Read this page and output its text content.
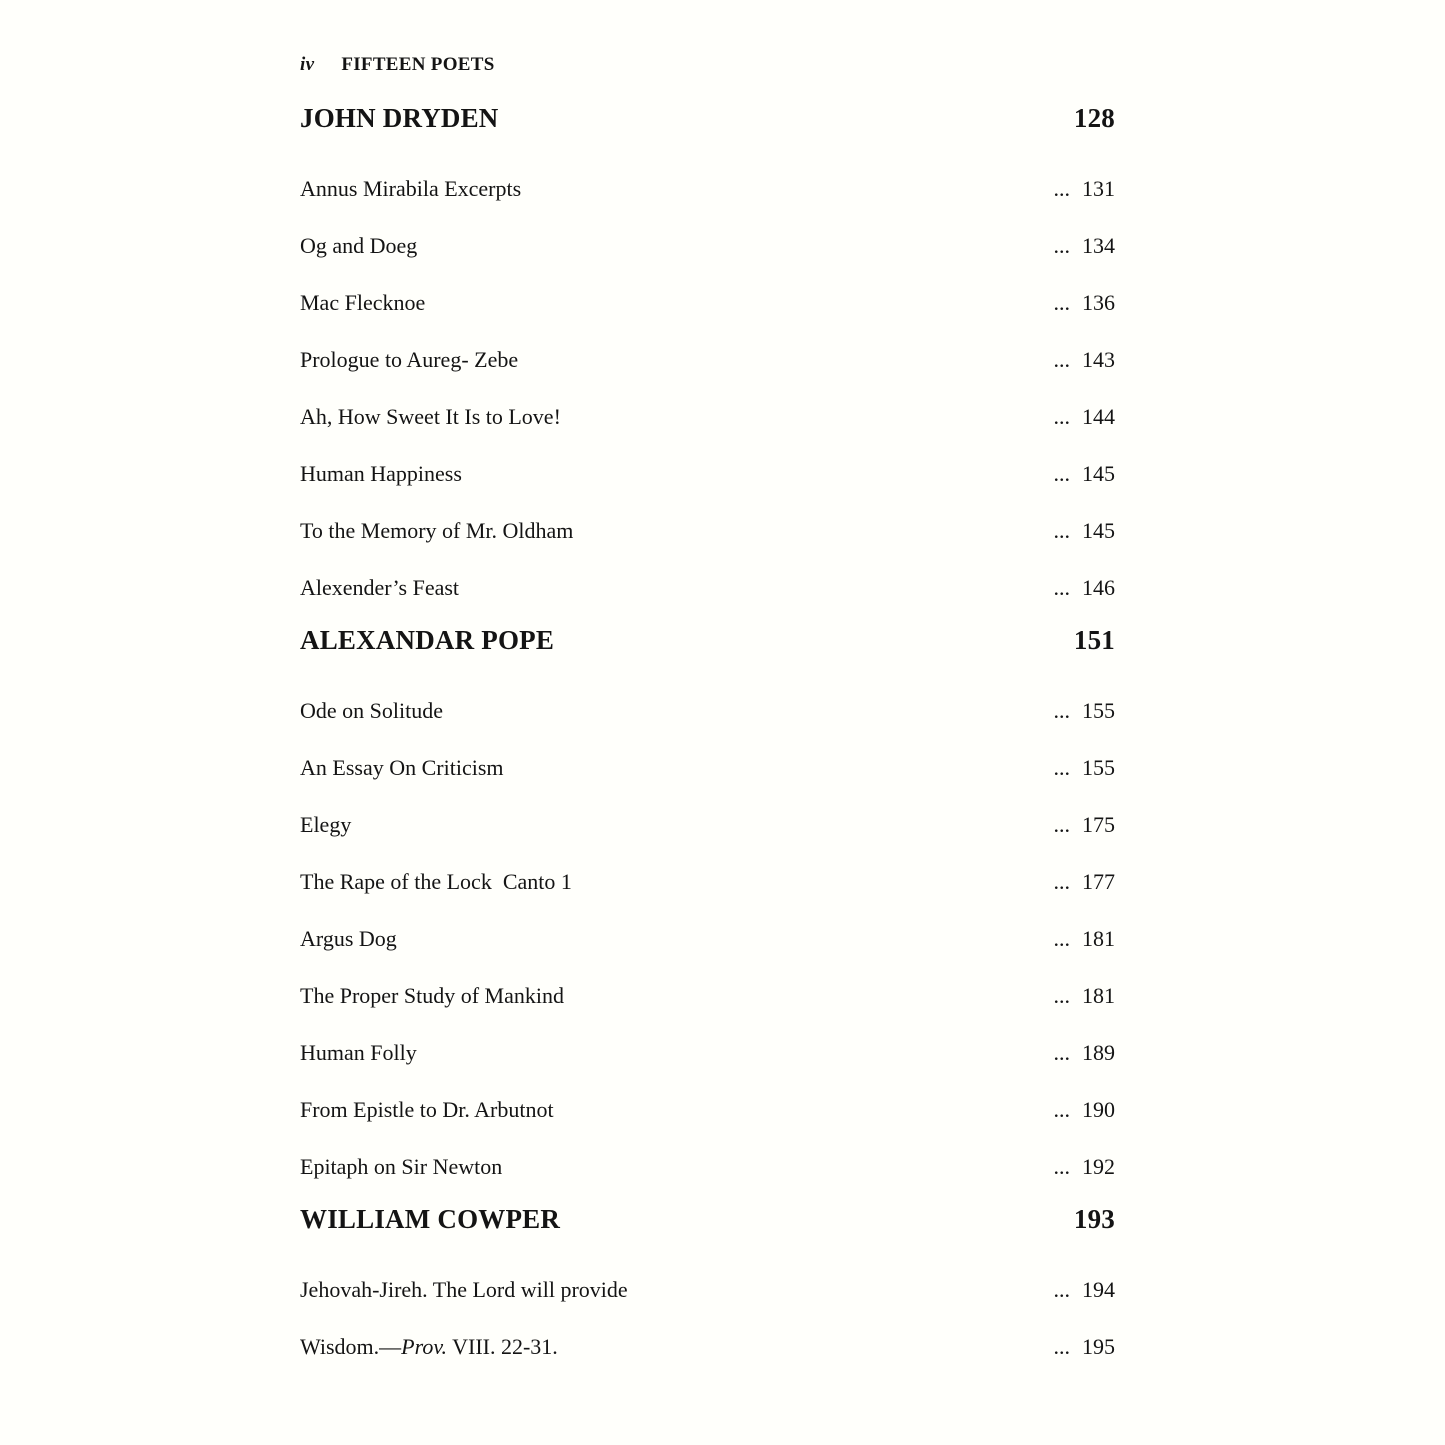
iv FIFTEEN POETS
JOHN DRYDEN	128
Annus Mirabila Excerpts	... 131
Og and Doeg	... 134
Mac Flecknoe	... 136
Prologue to Aureg- Zebe	... 143
Ah, How Sweet It Is to Love!	... 144
Human Happiness	... 145
To the Memory of Mr. Oldham	... 145
Alexender’s Feast	... 146
ALEXANDAR POPE	151
Ode on Solitude	... 155
An Essay On Criticism	... 155
Elegy	... 175
The Rape of the Lock  Canto 1	... 177
Argus Dog	... 181
The Proper Study of Mankind	... 181
Human Folly	... 189
From Epistle to Dr. Arbutnot	... 190
Epitaph on Sir Newton	... 192
WILLIAM COWPER	193
Jehovah-Jireh. The Lord will provide	... 194
Wisdom.—Prov. VIII. 22-31.	... 195
